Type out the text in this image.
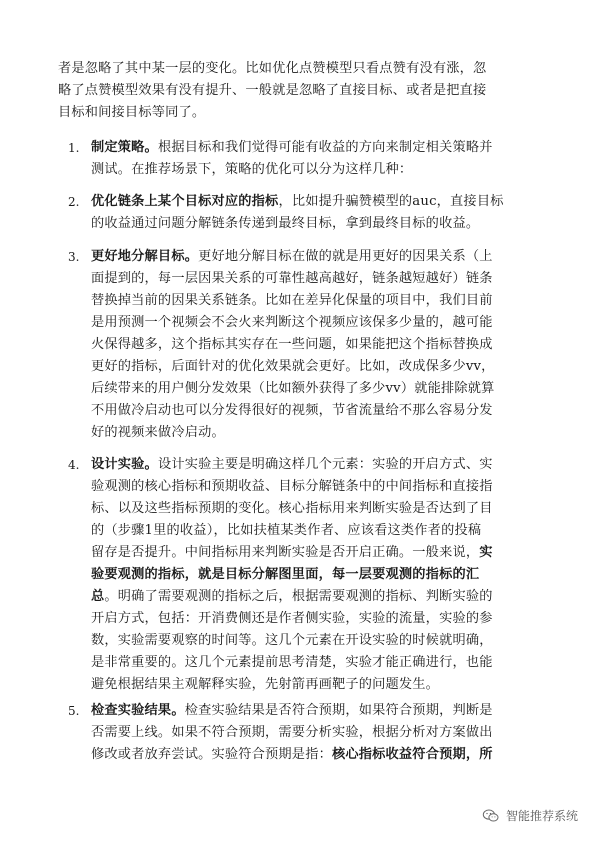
者是忽略了其中某一层的变化。比如优化点赞模型只看点赞有没有涨，忽
略了点赞模型效果有没有提升、一般就是忽略了直接目标、或者是把直接
目标和间接目标等同了。
1. 制定策略。根据目标和我们觉得可能有收益的方向来制定相关策略并
测试。在推荐场景下，策略的优化可以分为这样几种：
2. 优化链条上某个目标对应的指标，比如提升骗赞模型的auc，直接目标
的收益通过问题分解链条传递到最终目标，拿到最终目标的收益。
3. 更好地分解目标。更好地分解目标在做的就是用更好的因果关系（上
面提到的，每一层因果关系的可靠性越高越好，链条越短越好）链条
替换掉当前的因果关系链条。比如在差异化保量的项目中，我们目前
是用预测一个视频会不会火来判断这个视频应该保多少量的，越可能
火保得越多，这个指标其实存在一些问题，如果能把这个指标替换成
更好的指标，后面针对的优化效果就会更好。比如，改成保多少vv，
后续带来的用户侧分发效果（比如额外获得了多少vv）就能排除就算
不用做冷启动也可以分发得很好的视频，节省流量给不那么容易分发
好的视频来做冷启动。
4. 设计实验。设计实验主要是明确这样几个元素：实验的开启方式、实
验观测的核心指标和预期收益、目标分解链条中的中间指标和直接指
标、以及这些指标预期的变化。核心指标用来判断实验是否达到了目
的（步骤1里的收益），比如扶植某类作者、应该看这类作者的投稿
留存是否提升。中间指标用来判断实验是否开启正确。一般来说，实
验要观测的指标，就是目标分解图里面，每一层要观测的指标的汇
总。明确了需要观测的指标之后，根据需要观测的指标、判断实验的
开启方式，包括：开消费侧还是作者侧实验，实验的流量，实验的参
数，实验需要观察的时间等。这几个元素在开设实验的时候就明确，
是非常重要的。这几个元素提前思考清楚，实验才能正确进行，也能
避免根据结果主观解释实验，先射箭再画靶子的问题发生。
5. 检查实验结果。检查实验结果是否符合预期，如果符合预期，判断是
否需要上线。如果不符合预期，需要分析实验，根据分析对方案做出
修改或者放弃尝试。实验符合预期是指：核心指标收益符合预期，所
智能推荐系统
